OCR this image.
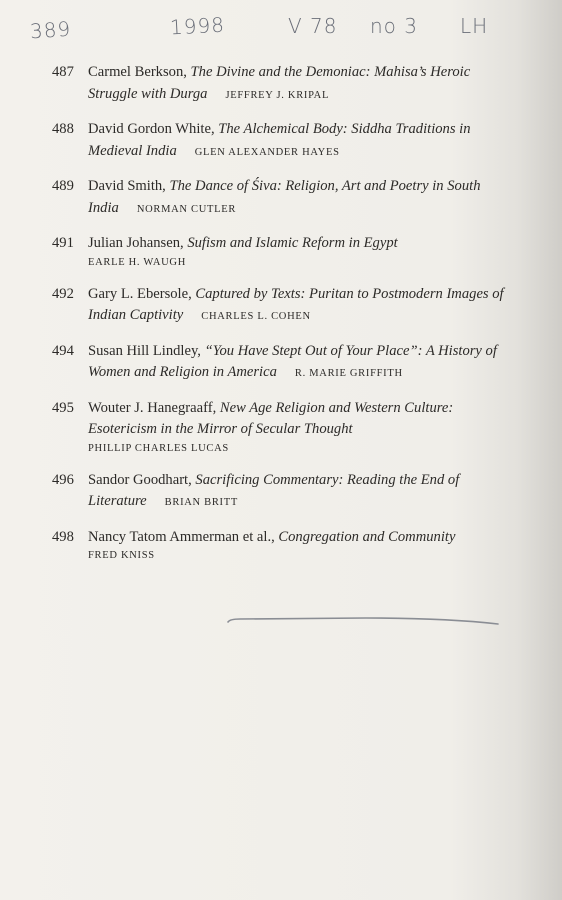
389	1998	V 78 no 3 LH
487 Carmel Berkson, The Divine and the Demoniac: Mahisa’s Heroic
Struggle with Durga JEFFREY J. KRIPAL
488 David Gordon White, The Alchemical Body: Siddha Traditions in
Medieval India GLEN ALEXANDER HAYES
489 David Smith, The Dance of Śiva: Religion, Art and Poetry in South
India NORMAN CUTLER
491 Julian Johansen, Sufism and Islamic Reform in Egypt
EARLE H. WAUGH
492 Gary L. Ebersole, Captured by Texts: Puritan to Postmodern Images of
Indian Captivity CHARLES L. COHEN
494 Susan Hill Lindley, “You Have Stept Out of Your Place”: A History of
Women and Religion in America R. MARIE GRIFFITH
495 Wouter J. Hanegraaff, New Age Religion and Western Culture:
Esotericism in the Mirror of Secular Thought
PHILLIP CHARLES LUCAS
496 Sandor Goodhart, Sacrificing Commentary: Reading the End of
Literature BRIAN BRITT
498 Nancy Tatom Ammerman et al., Congregation and Community
FRED KNISS
